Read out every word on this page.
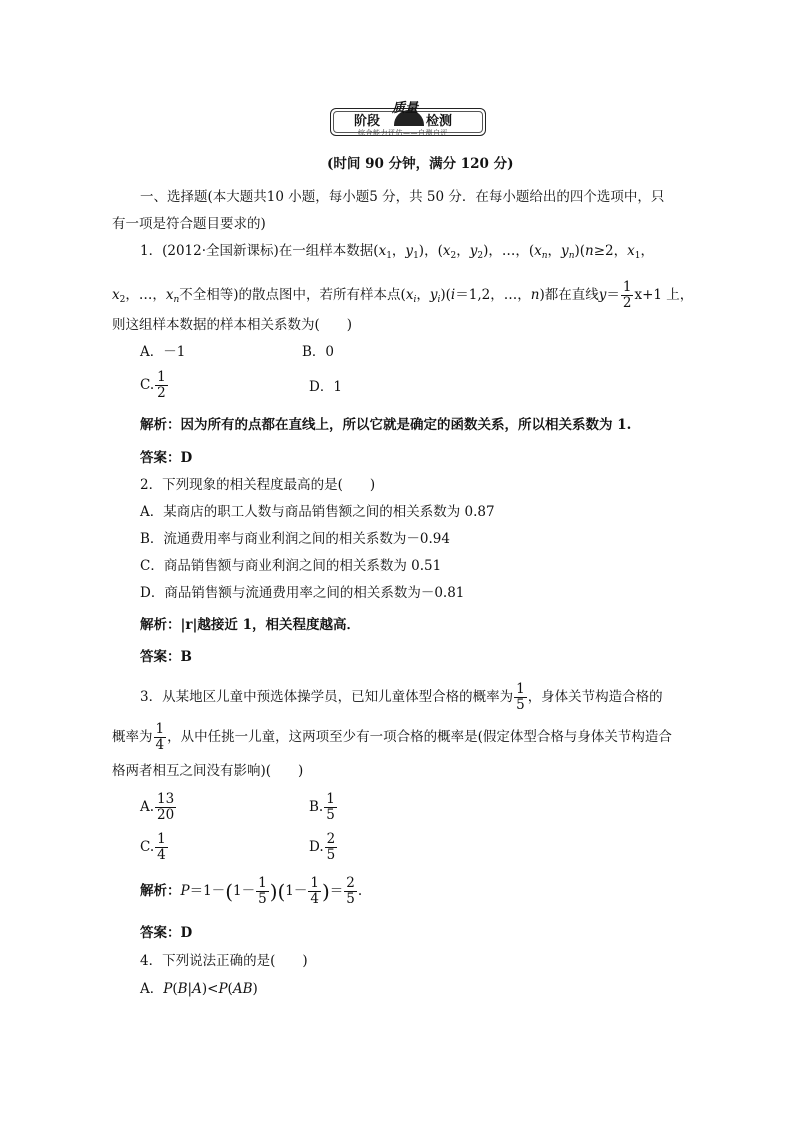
质量
阶段	检测
综合能力评估——自测自评
(时间 90 分钟，满分 120 分)
一、选择题(本大题共10 小题，每小题5 分，共 50 分．在每小题给出的四个选项中，只
有一项是符合题目要求的)
1．(2012·全国新课标)在一组样本数据($x_1$，$y_1$)，($x_2$，$y_2$)，…，($x_n$，$y_n)(n\ge 2$，$x_1$，
$x_2$，…，$x_n$不全相等)的散点图中，若所有样本点($x_i$，$y_i)(i=1,2$，…，n)都在直线$y= \frac{1}{2} x+1$ 上，
则这组样本数据的样本相关系数为(　　)
A．－1	B．0
C. $\frac{1}{2}$	D．1
解析：因为所有的点都在直线上，所以它就是确定的函数关系，所以相关系数为 1.
答案：D
2．下列现象的相关程度最高的是(　　)
A．某商店的职工人数与商品销售额之间的相关系数为 0.87
B．流通费用率与商业利润之间的相关系数为－0.94
C．商品销售额与商业利润之间的相关系数为 0.51
D．商品销售额与流通费用率之间的相关系数为－0.81
解析：|r|越接近 1，相关程度越高．
答案：B
3．从某地区儿童中预选体操学员，已知儿童体型合格的概率为 $\frac{1}{5}$ ，身体关节构造合格的
概率为 $\frac{1}{4}$ ，从中任挑一儿童，这两项至少有一项合格的概率是(假定体型合格与身体关节构造合
格两者相互之间没有影响)(　　)
A. $\frac{13}{20}$	B. $\frac{1}{5}$
C. $\frac{1}{4}$	D. $\frac{2}{5}$
解析：$P=1-(1- \frac{1}{5} )(1- \frac{1}{4}$ )＝ $\frac{2}{5}$ .
答案：D
4．下列说法正确的是(　　)
A．P(B|A)<P(AB)
